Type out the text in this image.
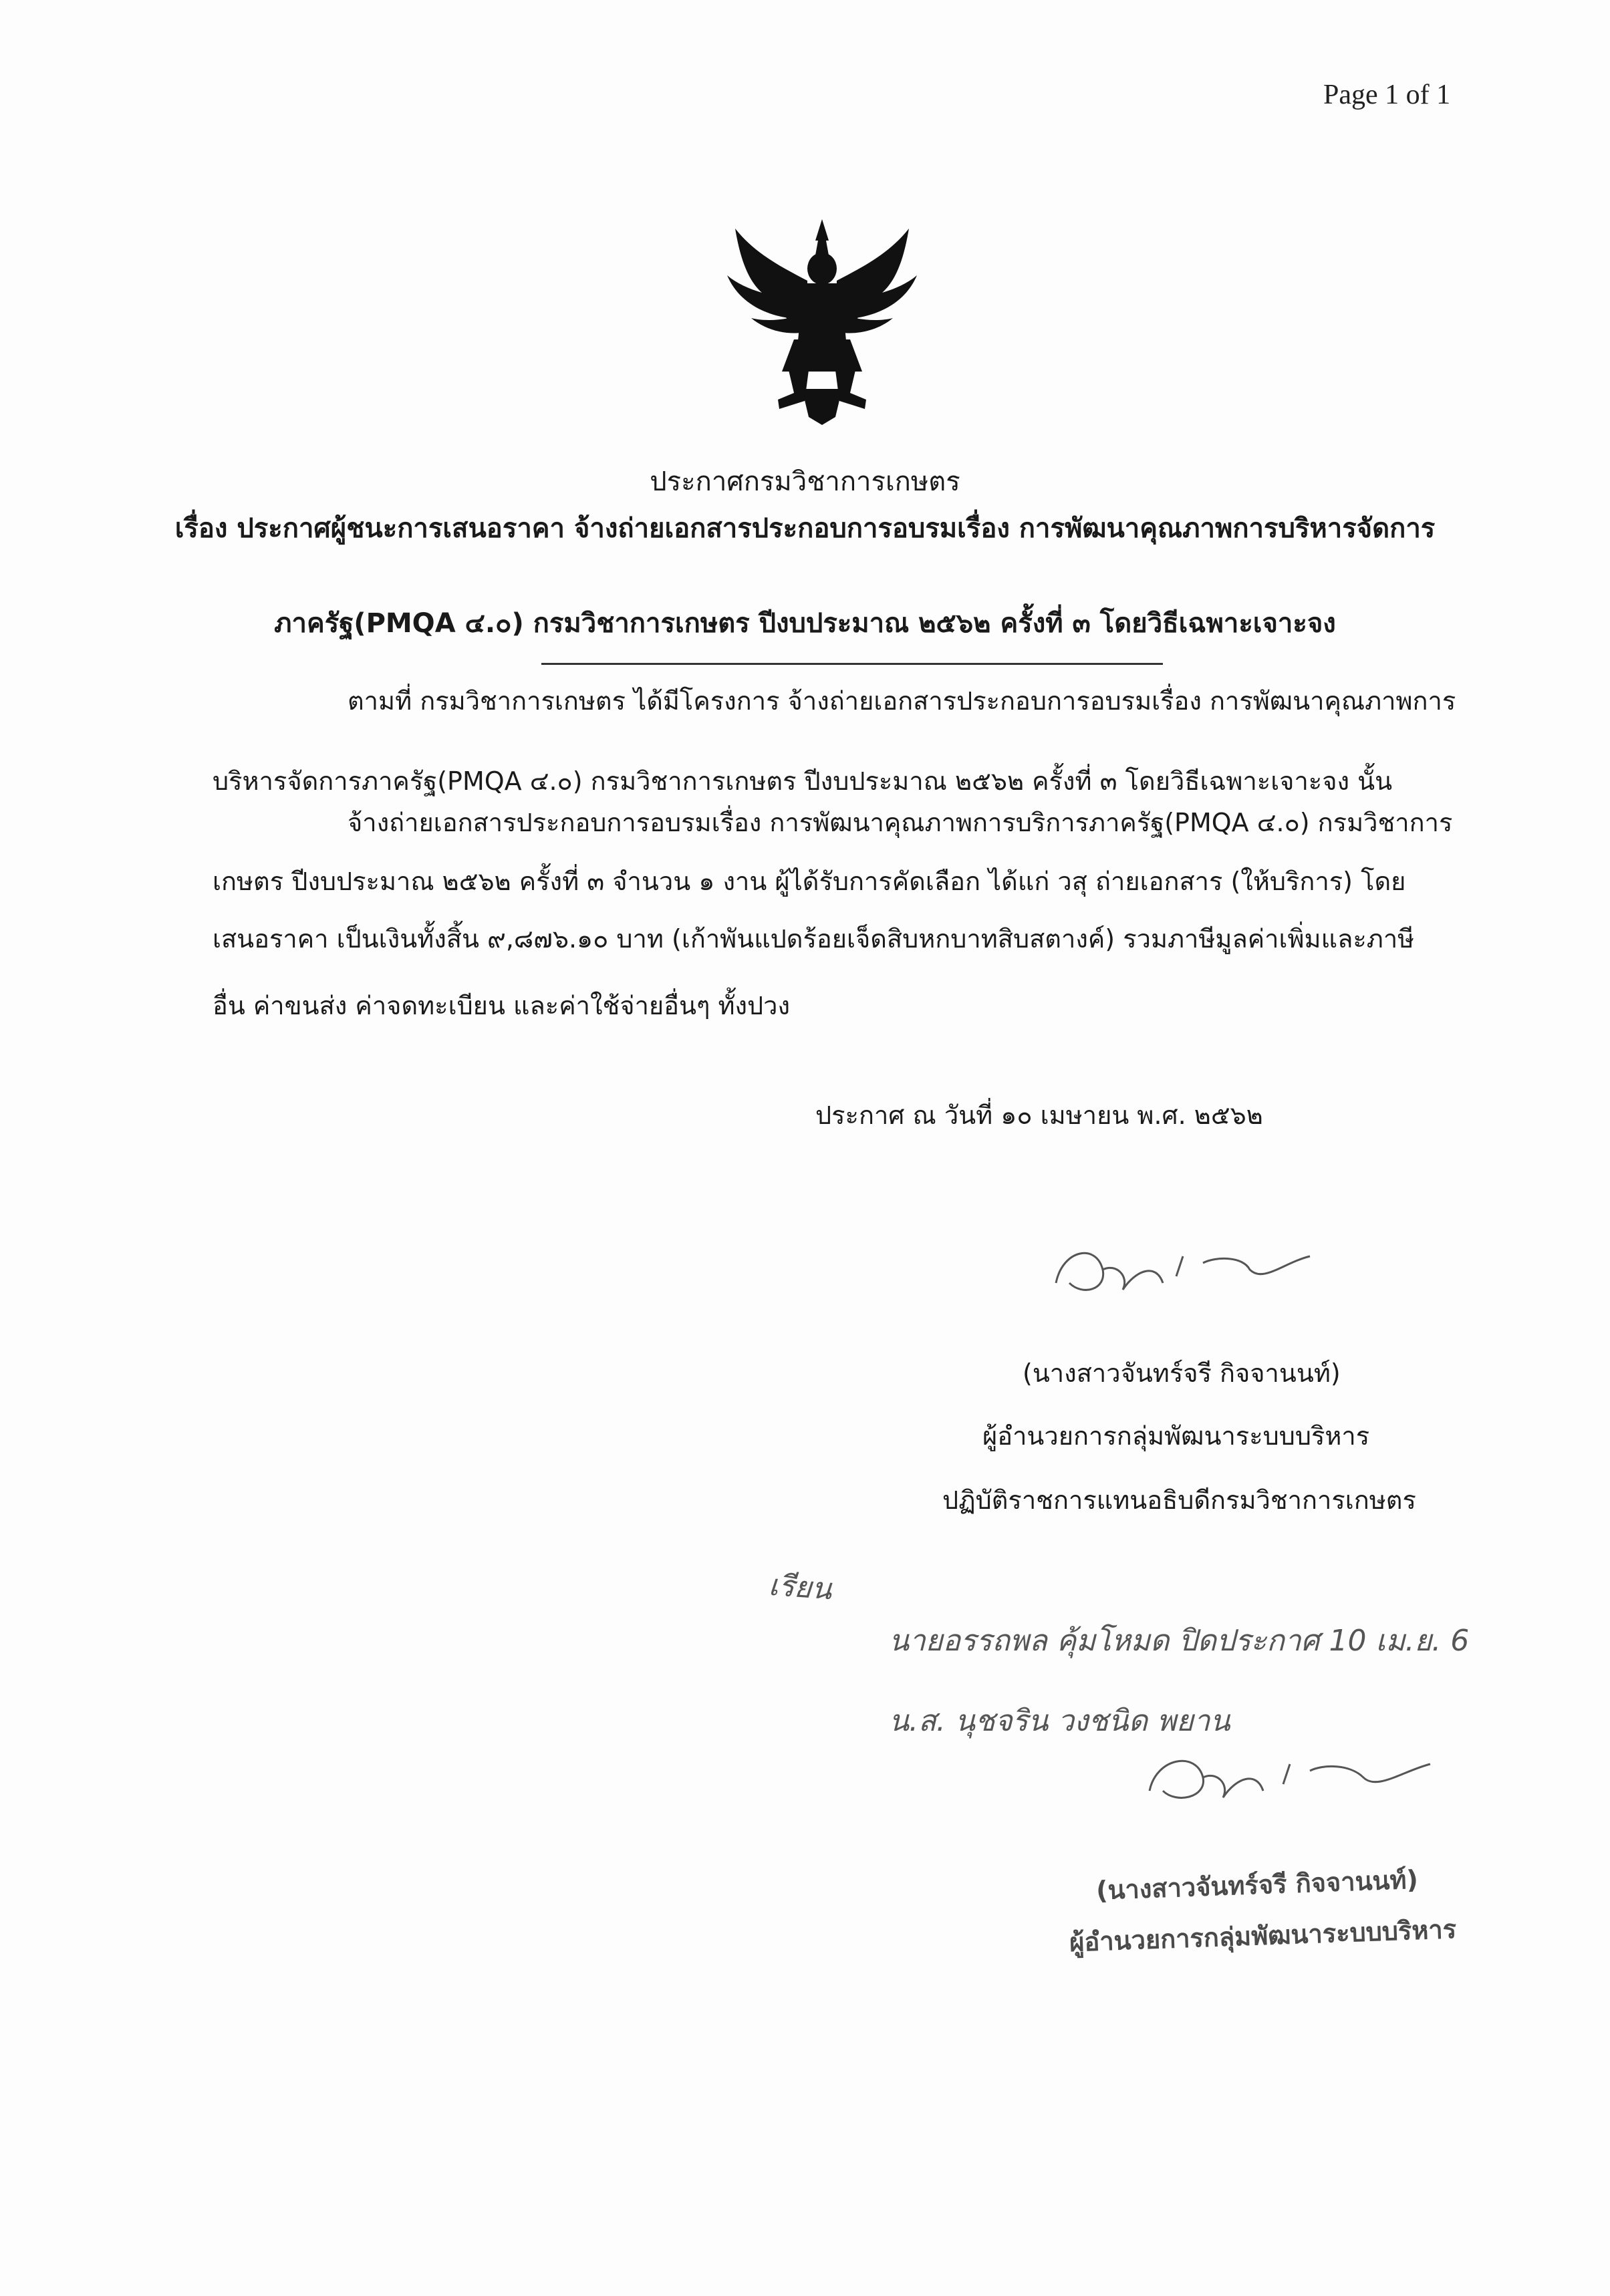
Page 1 of 1
ประกาศกรมวิชาการเกษตร
เรื่อง ประกาศผู้ชนะการเสนอราคา จ้างถ่ายเอกสารประกอบการอบรมเรื่อง การพัฒนาคุณภาพการบริหารจัดการ
ภาครัฐ(PMQA ๔.๐) กรมวิชาการเกษตร ปีงบประมาณ ๒๕๖๒ ครั้งที่ ๓ โดยวิธีเฉพาะเจาะจง
ตามที่ กรมวิชาการเกษตร ได้มีโครงการ จ้างถ่ายเอกสารประกอบการอบรมเรื่อง การพัฒนาคุณภาพการ
บริหารจัดการภาครัฐ(PMQA ๔.๐) กรมวิชาการเกษตร ปีงบประมาณ ๒๕๖๒ ครั้งที่ ๓ โดยวิธีเฉพาะเจาะจง นั้น
จ้างถ่ายเอกสารประกอบการอบรมเรื่อง การพัฒนาคุณภาพการบริการภาครัฐ(PMQA ๔.๐) กรมวิชาการ
เกษตร ปีงบประมาณ ๒๕๖๒ ครั้งที่ ๓ จำนวน ๑ งาน ผู้ได้รับการคัดเลือก ได้แก่ วสุ ถ่ายเอกสาร (ให้บริการ) โดย
เสนอราคา เป็นเงินทั้งสิ้น ๙,๘๗๖.๑๐ บาท (เก้าพันแปดร้อยเจ็ดสิบหกบาทสิบสตางค์) รวมภาษีมูลค่าเพิ่มและภาษี
อื่น ค่าขนส่ง ค่าจดทะเบียน และค่าใช้จ่ายอื่นๆ ทั้งปวง
ประกาศ ณ วันที่ ๑๐ เมษายน พ.ศ. ๒๕๖๒
(นางสาวจันทร์จรี กิจจานนท์)
ผู้อำนวยการกลุ่มพัฒนาระบบบริหาร
ปฏิบัติราชการแทนอธิบดีกรมวิชาการเกษตร
เรียน
นายอรรถพล คุ้มโหมด ปิดประกาศ 10 เม.ย. 6
น.ส. นุชจริน วงชนิด พยาน
(นางสาวจันทร์จรี กิจจานนท์)
ผู้อำนวยการกลุ่มพัฒนาระบบบริหาร
